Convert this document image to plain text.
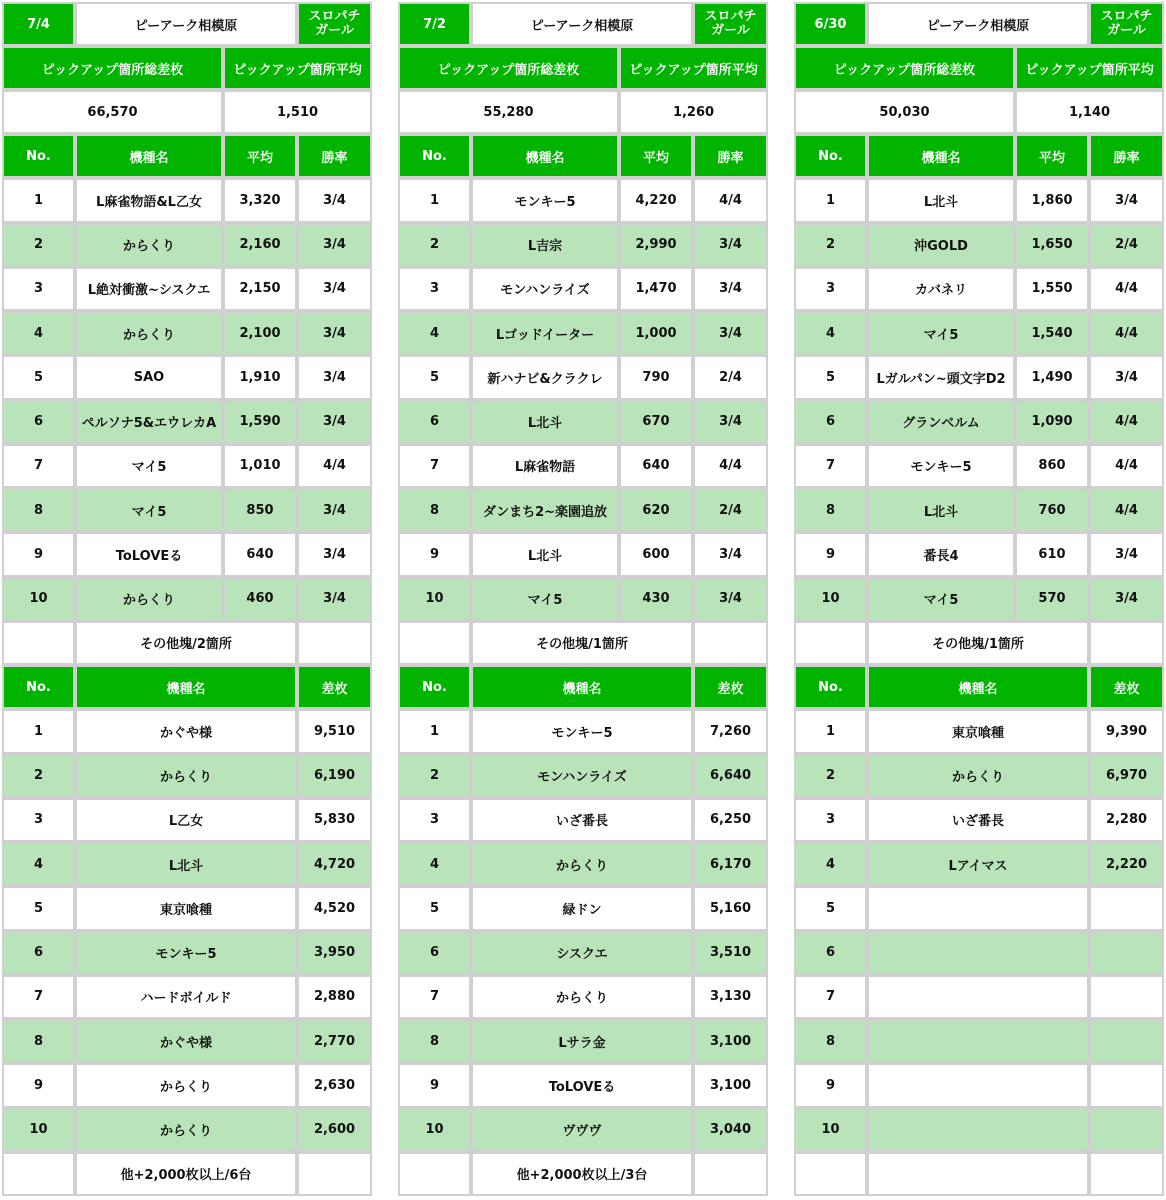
7/4	ピーアーク相模原
スロパチ
ガール
ピックアップ箇所総差枚	ピックアップ箇所平均
66,570	1,510
No.	機種名	平均	勝率
1	L麻雀物語&L乙女	3,320	3/4
2	からくり	2,160	3/4
3	L絶対衝激~シスクエ	2,150	3/4
4	からくり	2,100	3/4
5	SAO	1,910	3/4
6	ペルソナ5&エウレカA	1,590	3/4
7	マイ5	1,010	4/4
8	マイ5	850	3/4
9	ToLOVEる	640	3/4
10	からくり	460	3/4
その他塊/2箇所
No.	機種名	差枚
1	かぐや様	9,510
2	からくり	6,190
3	L乙女	5,830
4	L北斗	4,720
5	東京喰種	4,520
6	モンキー5	3,950
7	ハードボイルド	2,880
8	かぐや様	2,770
9	からくり	2,630
10	からくり	2,600
他+2,000枚以上/6台
7/2	ピーアーク相模原
スロパチ
ガール
ピックアップ箇所総差枚	ピックアップ箇所平均
55,280	1,260
No.	機種名	平均	勝率
1	モンキー5	4,220	4/4
2	L吉宗	2,990	3/4
3	モンハンライズ	1,470	3/4
4	Lゴッドイーター	1,000	3/4
5	新ハナビ&クラクレ	790	2/4
6	L北斗	670	3/4
7	L麻雀物語	640	4/4
8	ダンまち2~楽園追放	620	2/4
9	L北斗	600	3/4
10	マイ5	430	3/4
その他塊/1箇所
No.	機種名	差枚
1	モンキー5	7,260
2	モンハンライズ	6,640
3	いざ番長	6,250
4	からくり	6,170
5	緑ドン	5,160
6	シスクエ	3,510
7	からくり	3,130
8	Lサラ金	3,100
9	ToLOVEる	3,100
10	ヴヴヴ	3,040
他+2,000枚以上/3台
6/30	ピーアーク相模原
スロパチ
ガール
ピックアップ箇所総差枚	ピックアップ箇所平均
50,030	1,140
No.	機種名	平均	勝率
1	L北斗	1,860	3/4
2	沖GOLD	1,650	2/4
3	カバネリ	1,550	4/4
4	マイ5	1,540	4/4
5	Lガルパン~頭文字D2	1,490	3/4
6	グランベルム	1,090	4/4
7	モンキー5	860	4/4
8	L北斗	760	4/4
9	番長4	610	3/4
10	マイ5	570	3/4
その他塊/1箇所
No.	機種名	差枚
1	東京喰種	9,390
2	からくり	6,970
3	いざ番長	2,280
4	Lアイマス	2,220
5
6
7
8
9
10
